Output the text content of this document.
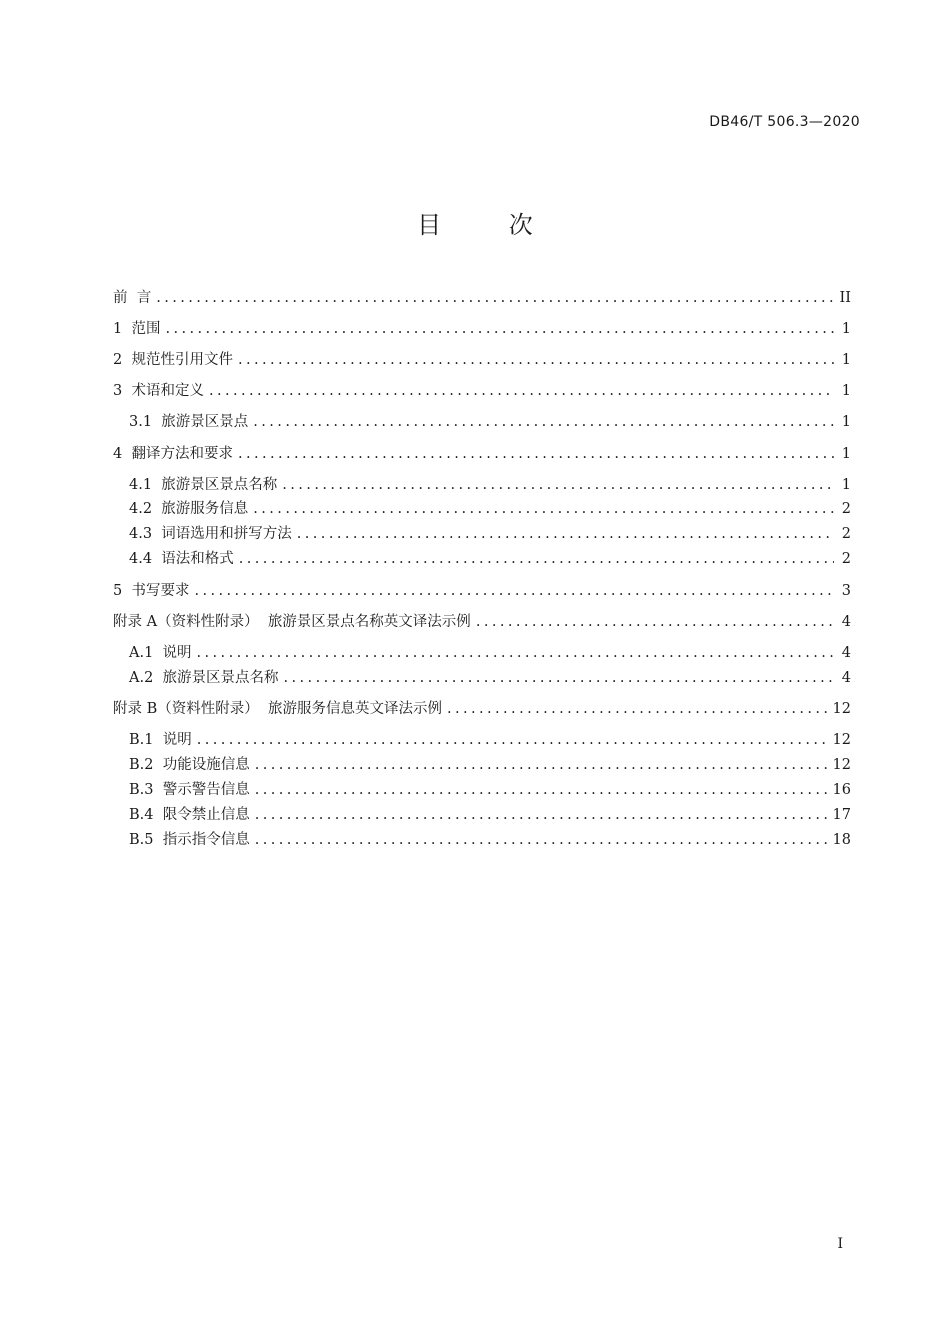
DB46/T 506.3—2020
目 次
前  言 .....	II
1 范围 .....	1
2 规范性引用文件 .....	1
3 术语和定义 .....	1
3.1 旅游景区景点 .....	1
4 翻译方法和要求 .....	1
4.1 旅游景区景点名称 .....	1
4.2 旅游服务信息 .....	2
4.3 词语选用和拼写方法 .....	2
4.4 语法和格式 .....	2
5 书写要求 .....	3
附录 A（资料性附录） 旅游景区景点名称英文译法示例 .....	4
A.1 说明 .....	4
A.2 旅游景区景点名称 .....	4
附录 B（资料性附录） 旅游服务信息英文译法示例 .....	12
B.1 说明 .....	12
B.2 功能设施信息 .....	12
B.3 警示警告信息 .....	16
B.4 限令禁止信息 .....	17
B.5 指示指令信息 .....	18
I
